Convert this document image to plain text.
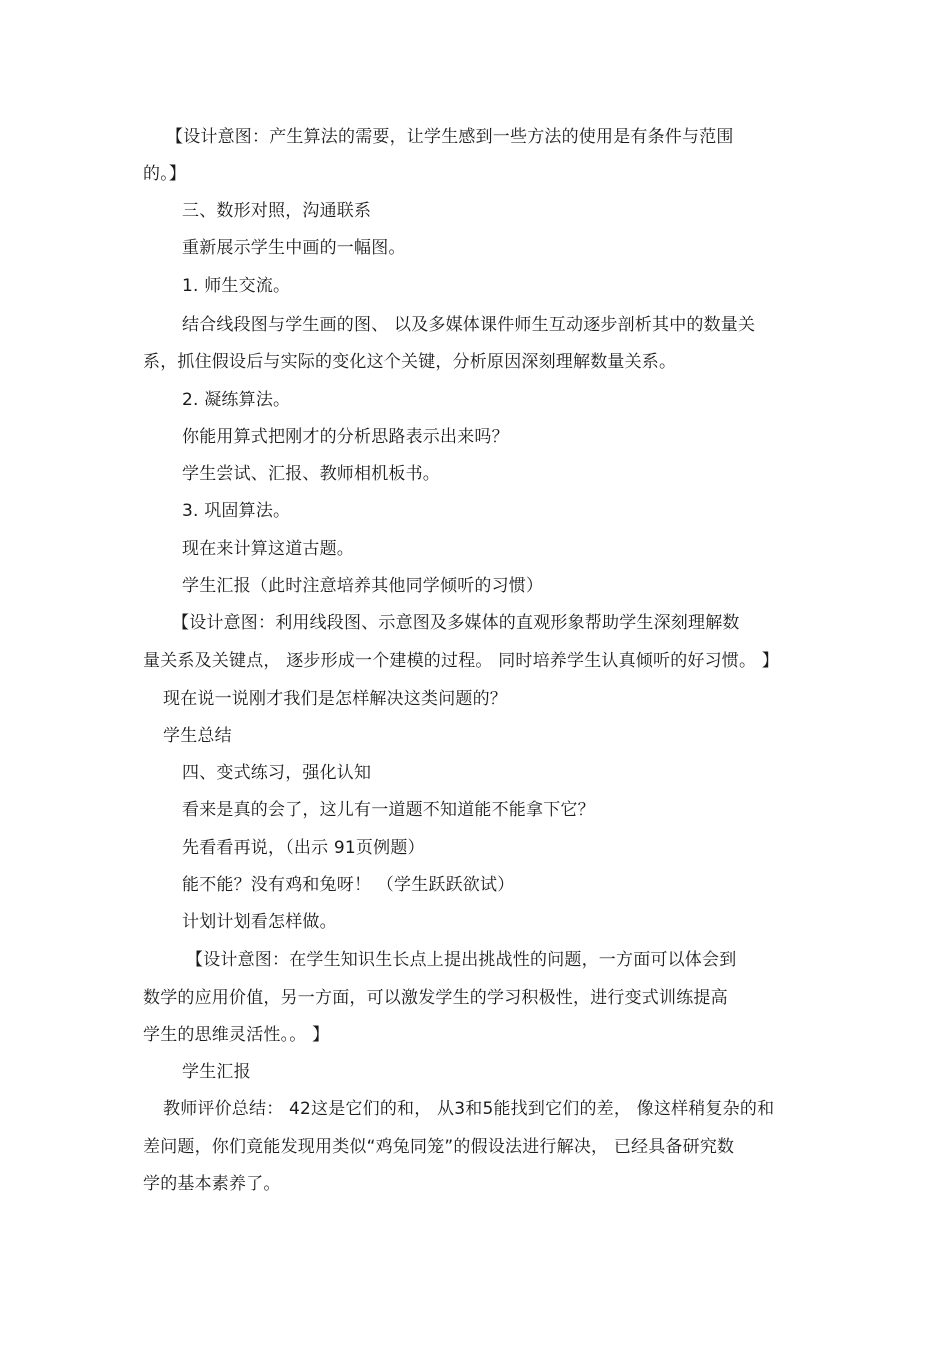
【设计意图：产生算法的需要，让学生感到一些方法的使用是有条件与范围
的。】
三、数形对照，沟通联系
重新展示学生中画的一幅图。
1. 师生交流。
结合线段图与学生画的图、 以及多媒体课件师生互动逐步剖析其中的数量关
系，抓住假设后与实际的变化这个关键，分析原因深刻理解数量关系。
2. 凝练算法。
你能用算式把刚才的分析思路表示出来吗？
学生尝试、汇报、教师相机板书。
3. 巩固算法。
现在来计算这道古题。
学生汇报（此时注意培养其他同学倾听的习惯）
【设计意图：利用线段图、示意图及多媒体的直观形象帮助学生深刻理解数
量关系及关键点， 逐步形成一个建模的过程。 同时培养学生认真倾听的好习惯。 】
现在说一说刚才我们是怎样解决这类问题的？
学生总结
四、变式练习，强化认知
看来是真的会了，这儿有一道题不知道能不能拿下它？
先看看再说，（出示 91页例题）
能不能？没有鸡和兔呀！ （学生跃跃欲试）
计划计划看怎样做。
【设计意图：在学生知识生长点上提出挑战性的问题，一方面可以体会到
数学的应用价值，另一方面，可以激发学生的学习积极性，进行变式训练提高
学生的思维灵活性。。 】
学生汇报
教师评价总结： 42这是它们的和， 从3和5能找到它们的差， 像这样稍复杂的和
差问题，你们竟能发现用类似“鸡兔同笼”的假设法进行解决， 已经具备研究数
学的基本素养了。
